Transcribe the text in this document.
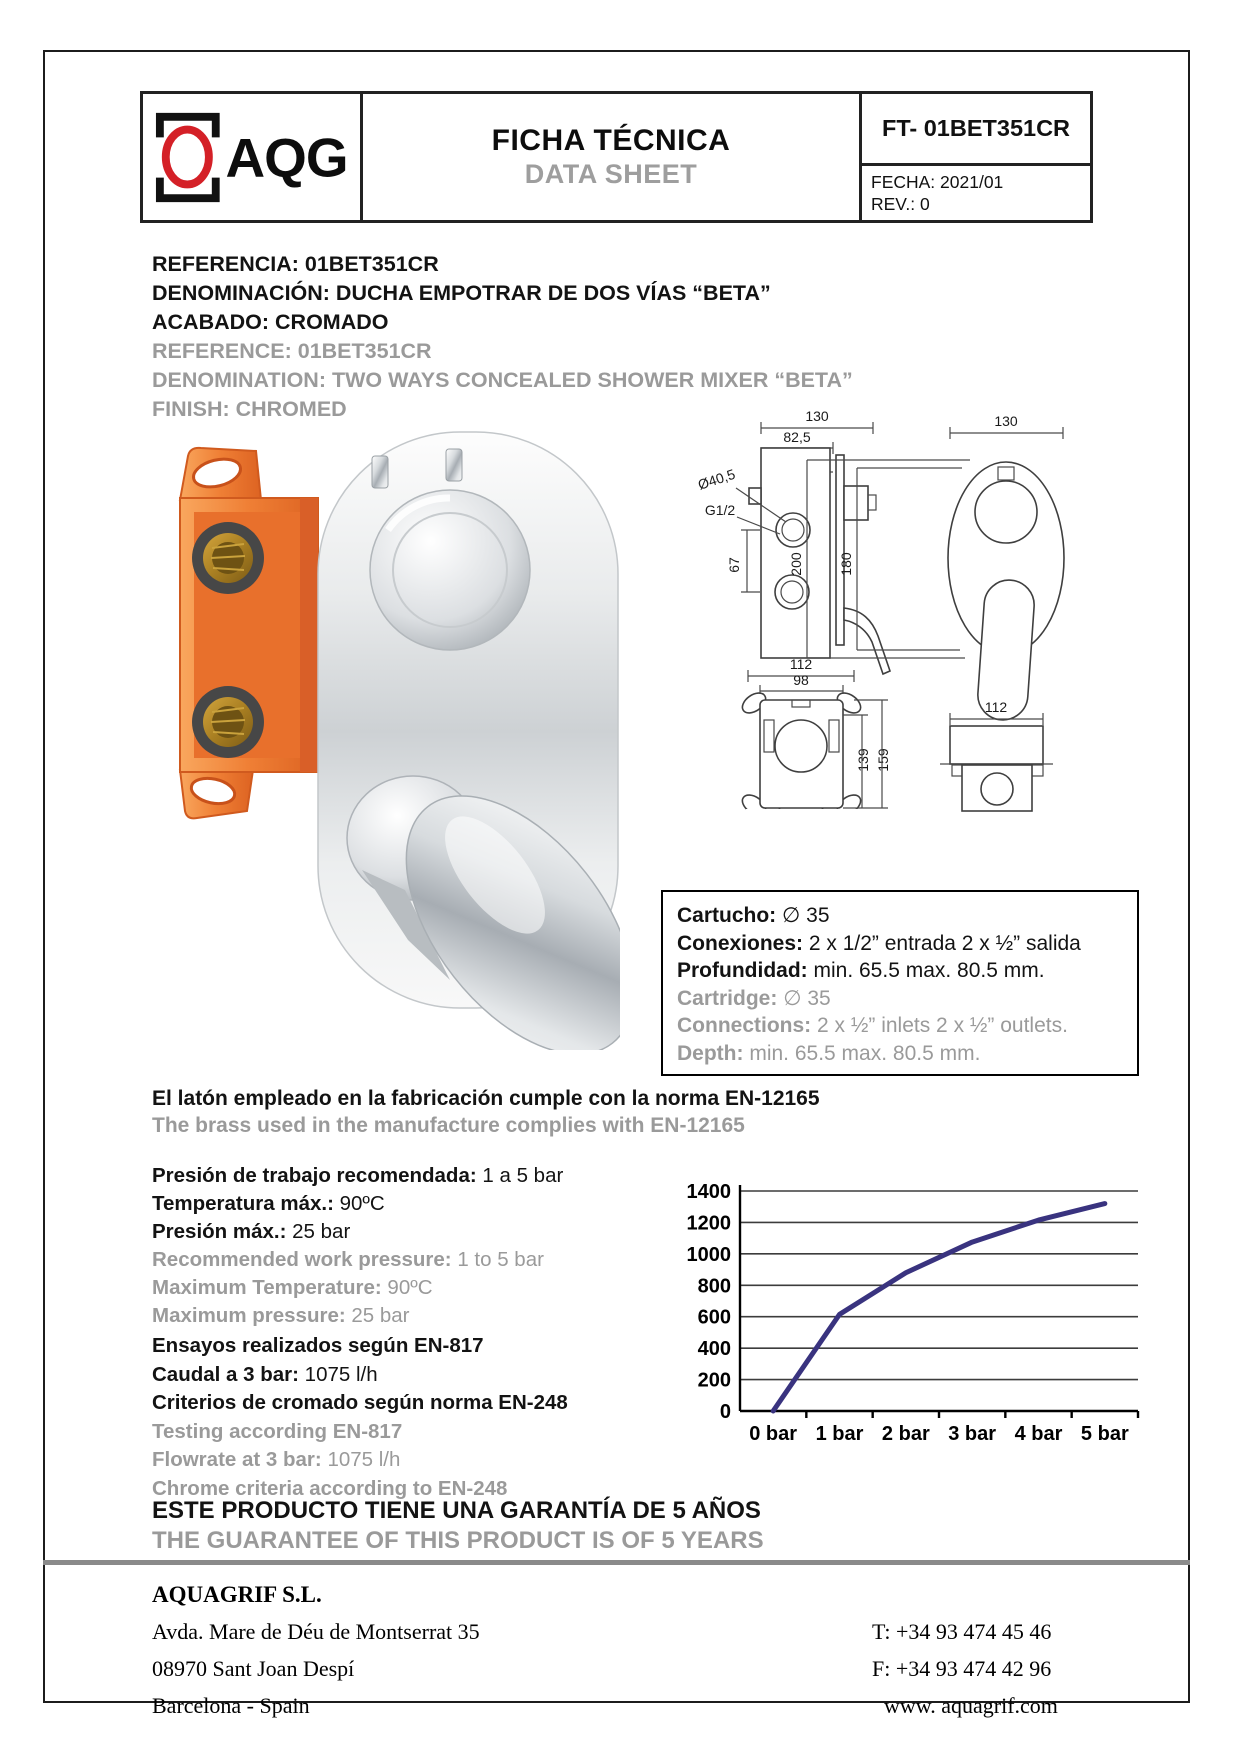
AQG	FICHA TÉCNICA
DATA SHEET
FT- 01BET351CR
FECHA: 2021/01
REV.: 0
REFERENCIA: 01BET351CR
DENOMINACIÓN: DUCHA EMPOTRAR DE DOS VÍAS “BETA”
ACABADO: CROMADO
REFERENCE: 01BET351CR
DENOMINATION: TWO WAYS CONCEALED SHOWER MIXER “BETA”
FINISH: CHROMED	130
82,5
Ø40,5
G1/2
67
130
200 180
112
98
139 159
112
Cartucho: ∅ 35
Conexiones: 2 x 1/2” entrada 2 x ½” salida
Profundidad: min. 65.5 max. 80.5 mm.
Cartridge: ∅ 35
Connections: 2 x ½” inlets 2 x ½” outlets.
Depth: min. 65.5 max. 80.5 mm.
El latón empleado en la fabricación cumple con la norma EN-12165
The brass used in the manufacture complies with EN-12165
Presión de trabajo recomendada: 1 a 5 bar
Temperatura máx.: 90ºC
Presión máx.: 25 bar
Recommended work pressure: 1 to 5 bar
Maximum Temperature: 90ºC
Maximum pressure: 25 bar
Ensayos realizados según EN-817
Caudal a 3 bar: 1075 l/h
Criterios de cromado según norma EN-248
Testing according EN-817
Flowrate at 3 bar: 1075 l/h
Chrome criteria according to EN-248
0
200
400
600
800
1000
1200
1400
0 bar 1 bar 2 bar 3 bar 4 bar 5 bar
ESTE PRODUCTO TIENE UNA GARANTÍA DE 5 AÑOS
THE GUARANTEE OF THIS PRODUCT IS OF 5 YEARS
AQUAGRIF S.L.
Avda. Mare de Déu de Montserrat 35
08970 Sant Joan Despí
Barcelona - Spain
T: +34 93 474 45 46
F: +34 93 474 42 96
www. aquagrif.com
